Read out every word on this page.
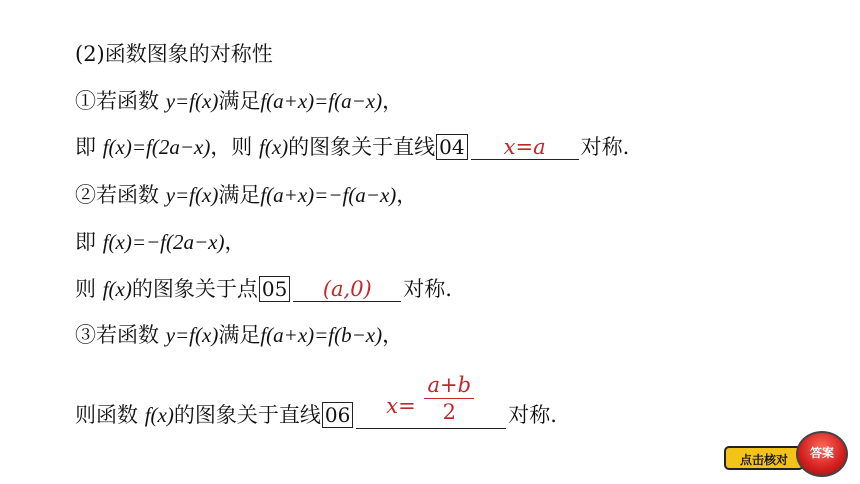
(2)函数图象的对称性
①若函数 y=f(x)满足f(a+x)=f(a−x)，
即 f(x)=f(2a−x)，则 f(x)的图象关于直线 04 x=a 对称.
②若函数 y=f(x)满足f(a+x)=−f(a−x)，
即 f(x)=−f(2a−x)，
则 f(x)的图象关于点 05 (a,0) 对称.
③若函数 y=f(x)满足f(a+x)=f(b−x)，
则函数 f(x)的图象关于直线 06 $x= \frac{a+b}{2}$ 对称.
点击核对	答案
